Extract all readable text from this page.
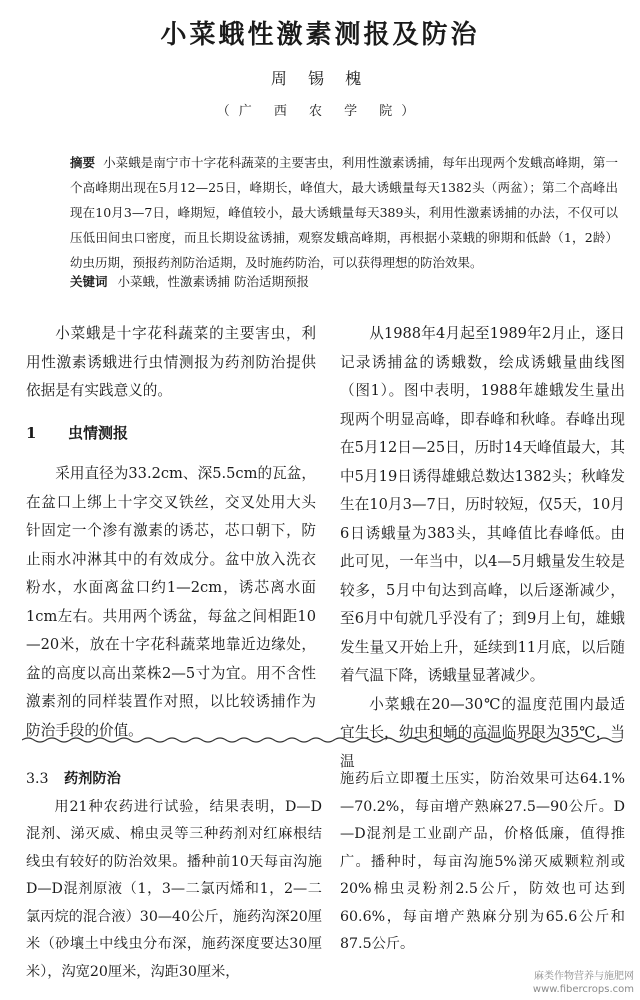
小菜蛾性激素测报及防治
周 锡 槐
（广 西 农 学 院）

摘要 小菜蛾是南宁市十字花科蔬菜的主要害虫，利用性激素诱捕，每年出现两个发蛾高峰期，第一个高峰期出现在5月12—25日，峰期长，峰值大，最大诱蛾量每天1382头（两盆）；第二个高峰出现在10月3—7日，峰期短，峰值较小，最大诱蛾量每天389头，利用性激素诱捕的办法，不仅可以压低田间虫口密度，而且长期设盆诱捕，观察发蛾高峰期，再根据小菜蛾的卵期和低龄（1，2龄）幼虫历期，预报药剂防治适期，及时施药防治，可以获得理想的防治效果。

关键词 小菜蛾，性激素诱捕 防治适期预报

小菜蛾是十字花科蔬菜的主要害虫，利用性激素诱蛾进行虫情测报为药剂防治提供依据是有实践意义的。

1 虫情测报

采用直径为33.2cm、深5.5cm的瓦盆，在盆口上绑上十字交叉铁丝，交叉处用大头针固定一个渗有激素的诱芯，芯口朝下，防止雨水冲淋其中的有效成分。盆中放入洗衣粉水，水面离盆口约1—2cm，诱芯离水面1cm左右。共用两个诱盆，每盆之间相距10—20米，放在十字花科蔬菜地靠近边缘处，盆的高度以高出菜株2—5寸为宜。用不含性激素剂的同样装置作对照，以比较诱捕作为防治手段的价值。

从1988年4月起至1989年2月止，逐日记录诱捕盆的诱蛾数，绘成诱蛾量曲线图（图1）。图中表明，1988年雄蛾发生量出现两个明显高峰，即春峰和秋峰。春峰出现在5月12日—25日，历时14天峰值最大，其中5月19日诱得雄蛾总数达1382头；秋峰发生在10月3—7日，历时较短，仅5天，10月6日诱蛾量为383头，其峰值比春峰低。由此可见，一年当中，以4—5月蛾量发生较是较多，5月中旬达到高峰，以后逐渐减少，至6月中旬就几乎没有了；到9月上旬，雄蛾发生量又开始上升，延续到11月底，以后随着气温下降，诱蛾量显著减少。

小菜蛾在20—30℃的温度范围内最适宜生长，幼虫和蛹的高温临界限为35℃，当温

3.3 药剂防治

用21种农药进行试验，结果表明，D—D混剂、涕灭威、棉虫灵等三种药剂对红麻根结线虫有较好的防治效果。播种前10天每亩沟施D—D混剂原液（1，3—二氯丙烯和1，2—二氯丙烷的混合液）30—40公斤，施药沟深20厘米（砂壤土中线虫分布深，施药深度要达30厘米），沟宽20厘米，沟距30厘米，

施药后立即覆土压实，防治效果可达64.1%—70.2%，每亩增产熟麻27.5—90公斤。D—D混剂是工业副产品，价格低廉，值得推广。播种时，每亩沟施5%涕灭威颗粒剂或20%棉虫灵粉剂2.5公斤，防效也可达到60.6%，每亩增产熟麻分别为65.6公斤和87.5公斤。

麻类作物营养与施肥网
www.fibercrops.com
